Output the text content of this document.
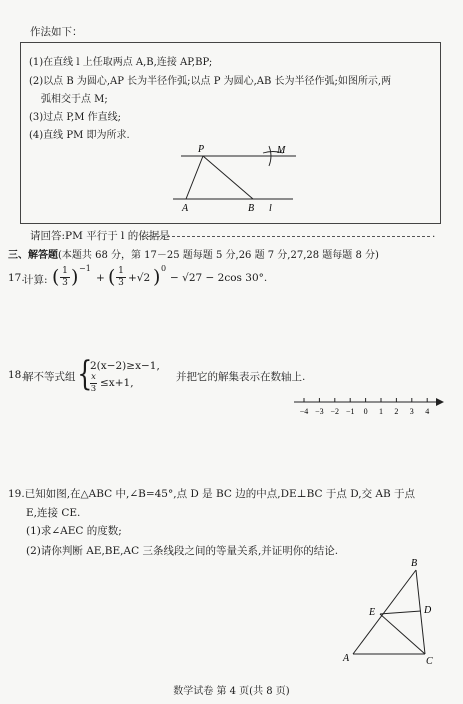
作法如下：
(1)在直线 l 上任取两点 A,B,连接 AP,BP;
(2)以点 B 为圆心,AP 长为半径作弧;以点 P 为圆心,AB 长为半径作弧;如图所示,两
弧相交于点 M;
(3)过点 P,M 作直线;
(4)直线 PM 即为所求.
P	M
A	B l
请回答:PM 平行于 l 的依据是	.
三、解答题(本题共 68 分，第 17－25 题每题 5 分,26 题 7 分,27,28 题每题 8 分)
17.
计算: ( 1
3 ) −1
+ ( 1
3 +√2 ) 0
− √27 − 2cos 30°.
18.
解不等式组 {
2(x−2)≥x−1,
x
3 ≤x+1,	并把它的解集表示在数轴上.
−4 −3 −2 −1 0 1 2 3 4
19.已知如图,在△ABC 中,∠B=45°,点 D 是 BC 边的中点,DE⊥BC 于点 D,交 AB 于点
E,连接 CE.
(1)求∠AEC 的度数;
(2)请你判断 AE,BE,AC 三条线段之间的等量关系,并证明你的结论.
B
D
E
A	C
数学试卷 第 4 页(共 8 页)
